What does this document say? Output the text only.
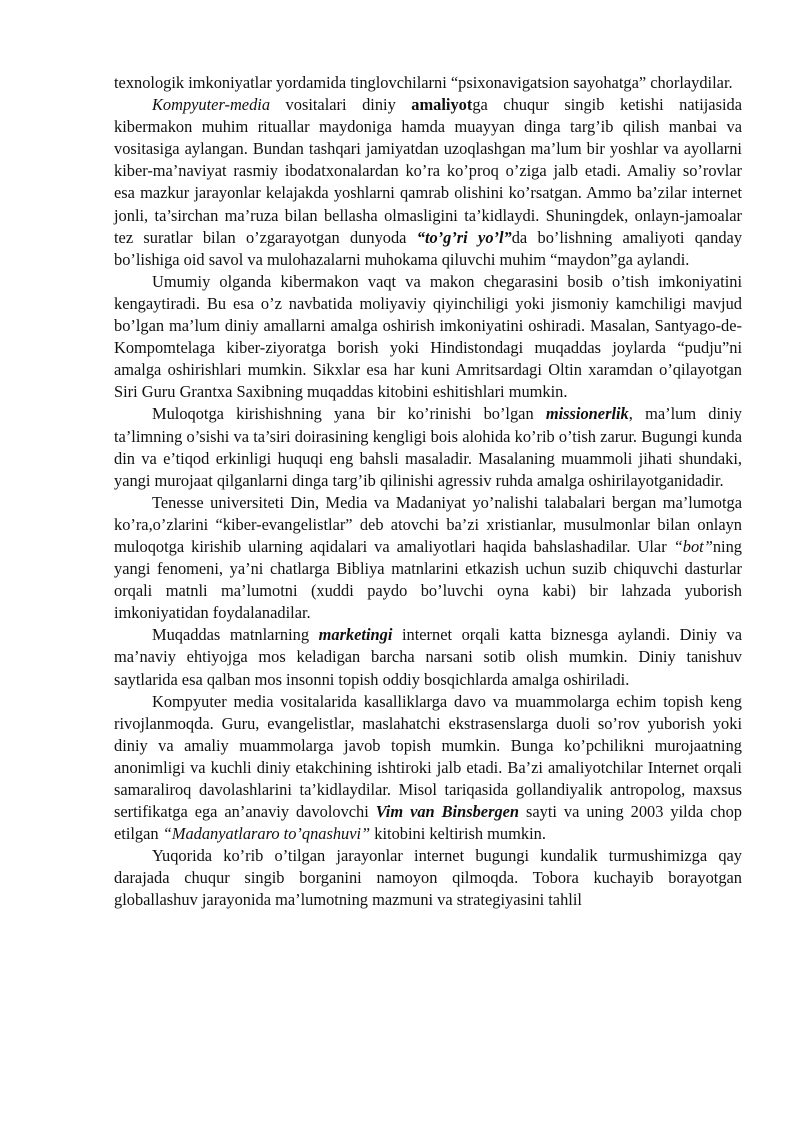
texnologik imkoniyatlar yordamida tinglovchilarni “psixonavigatsion sayohatga” chorlaydilar.

Kompyuter-media vositalari diniy amaliyotga chuqur singib ketishi natijasida kibermakon muhim rituallar maydoniga hamda muayyan dinga targ’ib qilish manbai va vositasiga aylangan. Bundan tashqari jamiyatdan uzoqlashgan ma’lum bir yoshlar va ayollarni kiber-ma’naviyat rasmiy ibodatxonalardan ko’ra ko’proq o’ziga jalb etadi. Amaliy so’rovlar esa mazkur jarayonlar kelajakda yoshlarni qamrab olishini ko’rsatgan. Ammo ba’zilar internet jonli, ta’sirchan ma’ruza bilan bellasha olmasligini ta’kidlaydi. Shuningdek, onlayn-jamoalar tez suratlar bilan o’zgarayotgan dunyoda “to’g’ri yo’l”da bo’lishning amaliyoti qanday bo’lishiga oid savol va mulohazalarni muhokama qiluvchi muhim “maydon”ga aylandi.

Umumiy olganda kibermakon vaqt va makon chegarasini bosib o’tish imkoniyatini kengaytiradi. Bu esa o’z navbatida moliyaviy qiyinchiligi yoki jismoniy kamchiligi mavjud bo’lgan ma’lum diniy amallarni amalga oshirish imkoniyatini oshiradi. Masalan, Santyago-de-Kompomtelaga kiber-ziyoratga borish yoki Hindistondagi muqaddas joylarda “pudju”ni amalga oshirishlari mumkin. Sikxlar esa har kuni Amritsardagi Oltin xaramdan o’qilayotgan Siri Guru Grantxa Saxibning muqaddas kitobini eshitishlari mumkin.

Muloqotga kirishishning yana bir ko’rinishi bo’lgan missionerlik, ma’lum diniy ta’limning o’sishi va ta’siri doirasining kengligi bois alohida ko’rib o’tish zarur. Bugungi kunda din va e’tiqod erkinligi huquqi eng bahsli masaladir. Masalaning muammoli jihati shundaki, yangi murojaat qilganlarni dinga targ’ib qilinishi agressiv ruhda amalga oshirilayotganidadir.

Tenesse universiteti Din, Media va Madaniyat yo’nalishi talabalari bergan ma’lumotga ko’ra,o’zlarini “kiber-evangelistlar” deb atovchi ba’zi xristianlar, musulmonlar bilan onlayn muloqotga kirishib ularning aqidalari va amaliyotlari haqida bahslashadilar. Ular “bot”ning yangi fenomeni, ya’ni chatlarga Bibliya matnlarini etkazish uchun suzib chiquvchi dasturlar orqali matnli ma’lumotni (xuddi paydo bo’luvchi oyna kabi) bir lahzada yuborish imkoniyatidan foydalanadilar.

Muqaddas matnlarning marketingi internet orqali katta biznesga aylandi. Diniy va ma’naviy ehtiyojga mos keladigan barcha narsani sotib olish mumkin. Diniy tanishuv saytlarida esa qalban mos insonni topish oddiy bosqichlarda amalga oshiriladi.

Kompyuter media vositalarida kasalliklarga davo va muammolarga echim topish keng rivojlanmoqda. Guru, evangelistlar, maslahatchi ekstrasenslarga duoli so’rov yuborish yoki diniy va amaliy muammolarga javob topish mumkin. Bunga ko’pchilikni murojaatning anonimligi va kuchli diniy etakchining ishtiroki jalb etadi. Ba’zi amaliyotchilar Internet orqali samaraliroq davolashlarini ta’kidlaydilar. Misol tariqasida gollandiyalik antropolog, maxsus sertifikatga ega an’anaviy davolovchi Vim van Binsbergen sayti va uning 2003 yilda chop etilgan “Madanyatlararo to’qnashuvi” kitobini keltirish mumkin.

Yuqorida ko’rib o’tilgan jarayonlar internet bugungi kundalik turmushimizga qay darajada chuqur singib borganini namoyon qilmoqda. Tobora kuchayib borayotgan globallashuv jarayonida ma’lumotning mazmuni va strategiyasini tahlil
